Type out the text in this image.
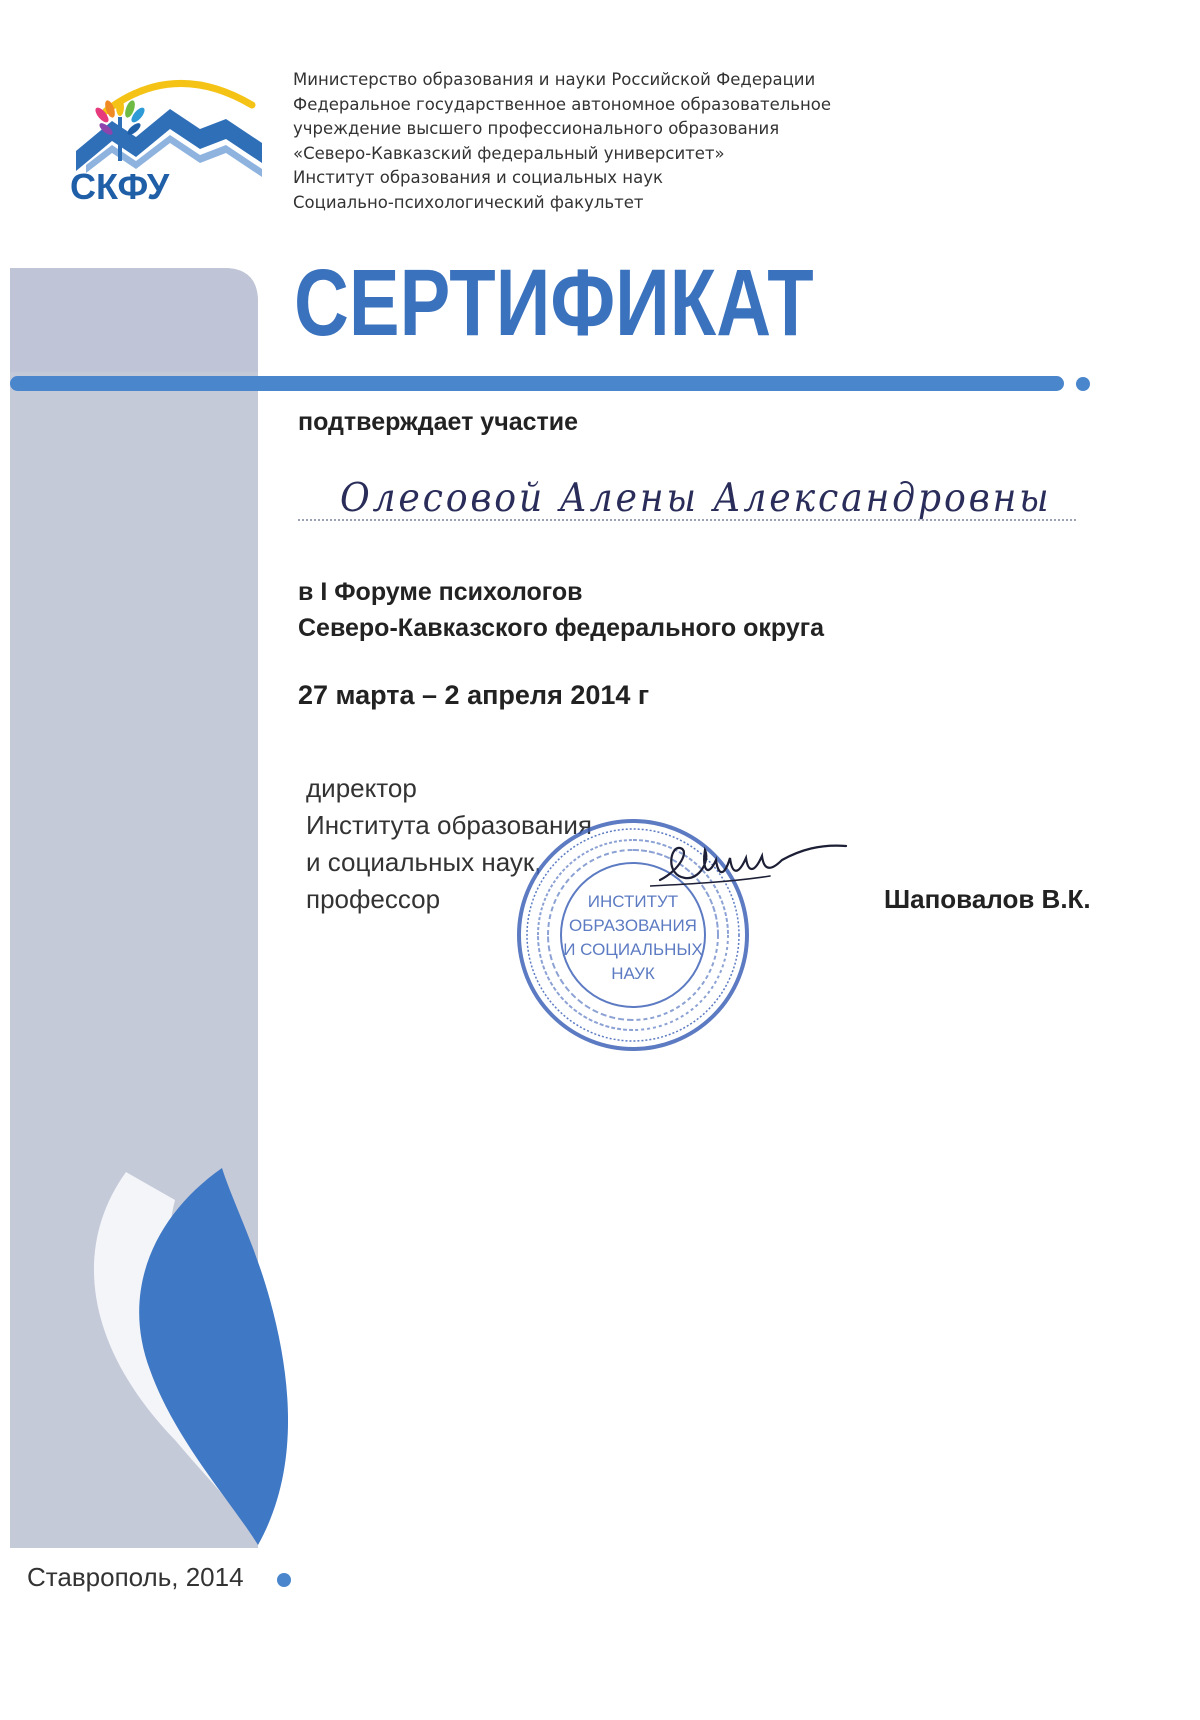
СКФУ
Министерство образования и науки Российской Федерации
Федеральное государственное автономное образовательное
учреждение высшего профессионального образования
«Северо-Кавказский федеральный университет»
Институт образования и социальных наук
Социально-психологический факультет
СЕРТИФИКАТ
подтверждает участие
Олесовой Алены Александровны
в I Форуме психологов
Северо-Кавказского федерального округа
27 марта – 2 апреля 2014 г
директор
Института образования
и социальных наук,
профессор	ИНСТИТУТ
ОБРАЗОВАНИЯ
И СОЦИАЛЬНЫХ
НАУК
Шаповалов В.К.
Ставрополь, 2014
